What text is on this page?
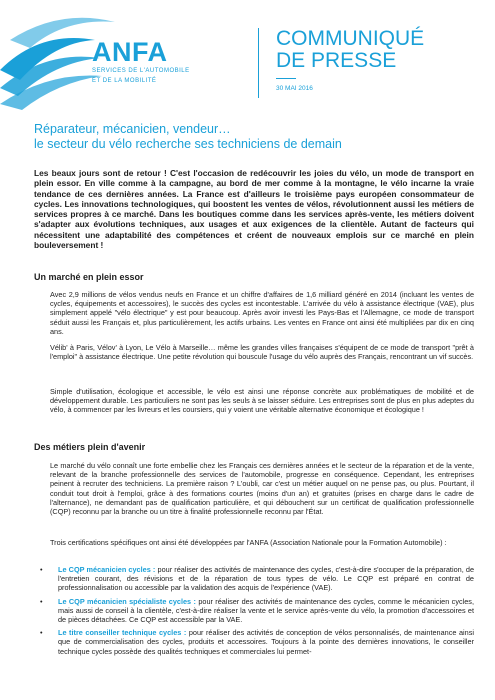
ANFA
SERVICES DE L'AUTOMOBILE
ET DE LA MOBILITÉ
COMMUNIQUÉ
DE PRESSE
30 MAI 2016
Réparateur, mécanicien, vendeur…
le secteur du vélo recherche ses techniciens de demain
Les beaux jours sont de retour ! C'est l'occasion de redécouvrir les joies du vélo, un mode de transport en plein essor. En ville comme à la campagne, au bord de mer comme à la montagne, le vélo incarne la vraie tendance de ces dernières années. La France est d'ailleurs le troisième pays européen consommateur de cycles. Les innovations technologiques, qui boostent les ventes de vélos, révolutionnent aussi les métiers de services propres à ce marché. Dans les boutiques comme dans les services après-vente, les métiers doivent s'adapter aux évolutions techniques, aux usages et aux exigences de la clientèle. Autant de facteurs qui nécessitent une adaptabilité des compétences et créent de nouveaux emplois sur ce marché en plein bouleversement !
Un marché en plein essor
Avec 2,9 millions de vélos vendus neufs en France et un chiffre d'affaires de 1,6 milliard généré en 2014 (incluant les ventes de cycles, équipements et accessoires), le succès des cycles est incontestable. L'arrivée du vélo à assistance électrique (VAE), plus simplement appelé "vélo électrique" y est pour beaucoup. Après avoir investi les Pays-Bas et l'Allemagne, ce mode de transport séduit aussi les Français et, plus particulièrement, les actifs urbains. Les ventes en France ont ainsi été multipliées par dix en cinq ans.
Vélib' à Paris, Vélov' à Lyon, Le Vélo à Marseille… même les grandes villes françaises s'équipent de ce mode de transport "prêt à l'emploi" à assistance électrique. Une petite révolution qui bouscule l'usage du vélo auprès des Français, rencontrant un vif succès.
Simple d'utilisation, écologique et accessible, le vélo est ainsi une réponse concrète aux problématiques de mobilité et de développement durable. Les particuliers ne sont pas les seuls à se laisser séduire. Les entreprises sont de plus en plus adeptes du vélo, à commencer par les livreurs et les coursiers, qui y voient une véritable alternative économique et écologique !
Des métiers plein d'avenir
Le marché du vélo connaît une forte embellie chez les Français ces dernières années et le secteur de la réparation et de la vente, relevant de la branche professionnelle des services de l'automobile, progresse en conséquence. Cependant, les entreprises peinent à recruter des techniciens. La première raison ? L'oubli, car c'est un métier auquel on ne pense pas, ou plus. Pourtant, il conduit tout droit à l'emploi, grâce à des formations courtes (moins d'un an) et gratuites (prises en charge dans le cadre de l'alternance), ne demandant pas de qualification particulière, et qui débouchent sur un certificat de qualification professionnelle (CQP) reconnu par la branche ou un titre à finalité professionnelle reconnu par l'État.
Trois certifications spécifiques ont ainsi été développées par l'ANFA (Association Nationale pour la Formation Automobile) :
• Le CQP mécanicien cycles : pour réaliser des activités de maintenance des cycles, c'est-à-dire s'occuper de la préparation, de l'entretien courant, des révisions et de la réparation de tous types de vélo. Le CQP est préparé en contrat de professionnalisation ou accessible par la validation des acquis de l'expérience (VAE).
• Le CQP mécanicien spécialiste cycles : pour réaliser des activités de maintenance des cycles, comme le mécanicien cycles, mais aussi de conseil à la clientèle, c'est-à-dire réaliser la vente et le service après-vente du vélo, la promotion d'accessoires et de pièces détachées. Ce CQP est accessible par la VAE.
• Le titre conseiller technique cycles : pour réaliser des activités de conception de vélos personnalisés, de maintenance ainsi que de commercialisation des cycles, produits et accessoires. Toujours à la pointe des dernières innovations, le conseiller technique cycles possède des qualités techniques et commerciales lui permet-
